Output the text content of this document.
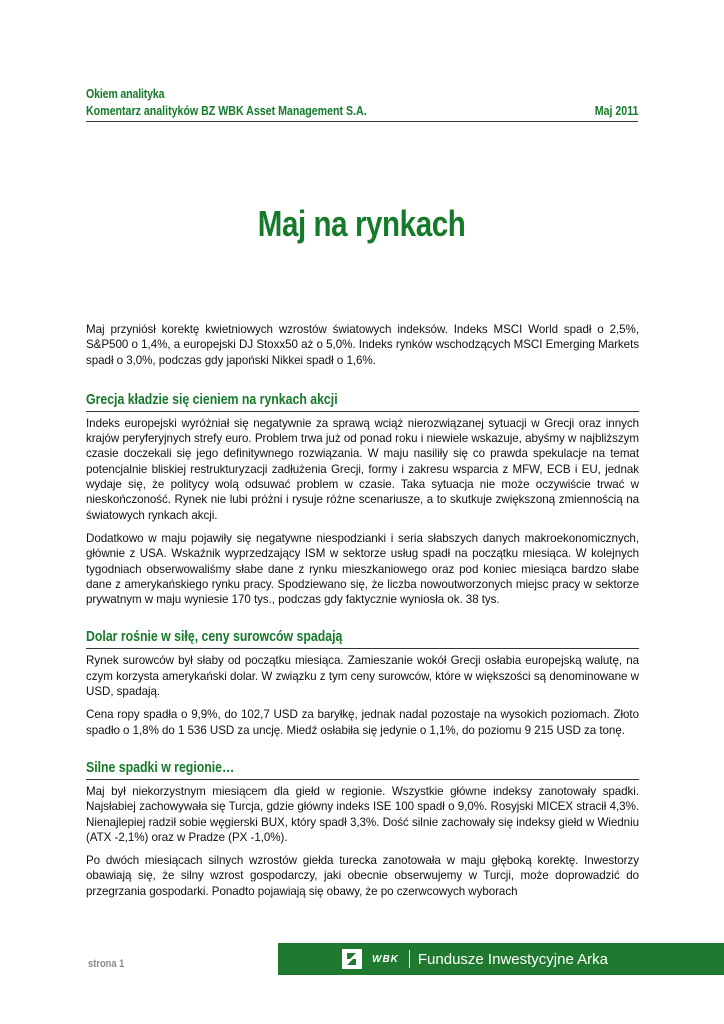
Okiem analityka
Komentarz analityków BZ WBK Asset Management S.A.	Maj 2011
Maj na rynkach

Maj przyniósł korektę kwietniowych wzrostów światowych indeksów. Indeks MSCI World spadł o 2,5%, S&P500 o 1,4%, a europejski DJ Stoxx50 aż o 5,0%. Indeks rynków wschodzących MSCI Emerging Markets spadł o 3,0%, podczas gdy japoński Nikkei spadł o 1,6%.

Grecja kładzie się cieniem na rynkach akcji

Indeks europejski wyróżniał się negatywnie za sprawą wciąż nierozwiązanej sytuacji w Grecji oraz innych krajów peryferyjnych strefy euro. Problem trwa już od ponad roku i niewiele wskazuje, abyśmy w najbliższym czasie doczekali się jego definitywnego rozwiązania. W maju nasiliły się co prawda spekulacje na temat potencjalnie bliskiej restrukturyzacji zadłużenia Grecji, formy i zakresu wsparcia z MFW, ECB i EU, jednak wydaje się, że politycy wolą odsuwać problem w czasie. Taka sytuacja nie może oczywiście trwać w nieskończoność. Rynek nie lubi próżni i rysuje różne scenariusze, a to skutkuje zwiększoną zmiennością na światowych rynkach akcji.

Dodatkowo w maju pojawiły się negatywne niespodzianki i seria słabszych danych makroekonomicznych, głównie z USA. Wskaźnik wyprzedzający ISM w sektorze usług spadł na początku miesiąca. W kolejnych tygodniach obserwowaliśmy słabe dane z rynku mieszkaniowego oraz pod koniec miesiąca bardzo słabe dane z amerykańskiego rynku pracy. Spodziewano się, że liczba nowoutworzonych miejsc pracy w sektorze prywatnym w maju wyniesie 170 tys., podczas gdy faktycznie wyniosła ok. 38 tys.

Dolar rośnie w siłę, ceny surowców spadają

Rynek surowców był słaby od początku miesiąca. Zamieszanie wokół Grecji osłabia europejską walutę, na czym korzysta amerykański dolar. W związku z tym ceny surowców, które w większości są denominowane w USD, spadają.

Cena ropy spadła o 9,9%, do 102,7 USD za baryłkę, jednak nadal pozostaje na wysokich poziomach. Złoto spadło o 1,8% do 1 536 USD za uncję. Miedź osłabiła się jedynie o 1,1%, do poziomu 9 215 USD za tonę.

Silne spadki w regionie…

Maj był niekorzystnym miesiącem dla giełd w regionie. Wszystkie główne indeksy zanotowały spadki. Najsłabiej zachowywała się Turcja, gdzie główny indeks ISE 100 spadł o 9,0%. Rosyjski MICEX stracił 4,3%. Nienajlepiej radził sobie węgierski BUX, który spadł 3,3%. Dość silnie zachowały się indeksy giełd w Wiedniu (ATX -2,1%) oraz w Pradze (PX -1,0%).

Po dwóch miesiącach silnych wzrostów giełda turecka zanotowała w maju głęboką korektę. Inwestorzy obawiają się, że silny wzrost gospodarczy, jaki obecnie obserwujemy w Turcji, może doprowadzić do przegrzania gospodarki. Ponadto pojawiają się obawy, że po czerwcowych wyborach

strona 1	WBK Fundusze Inwestycyjne Arka
